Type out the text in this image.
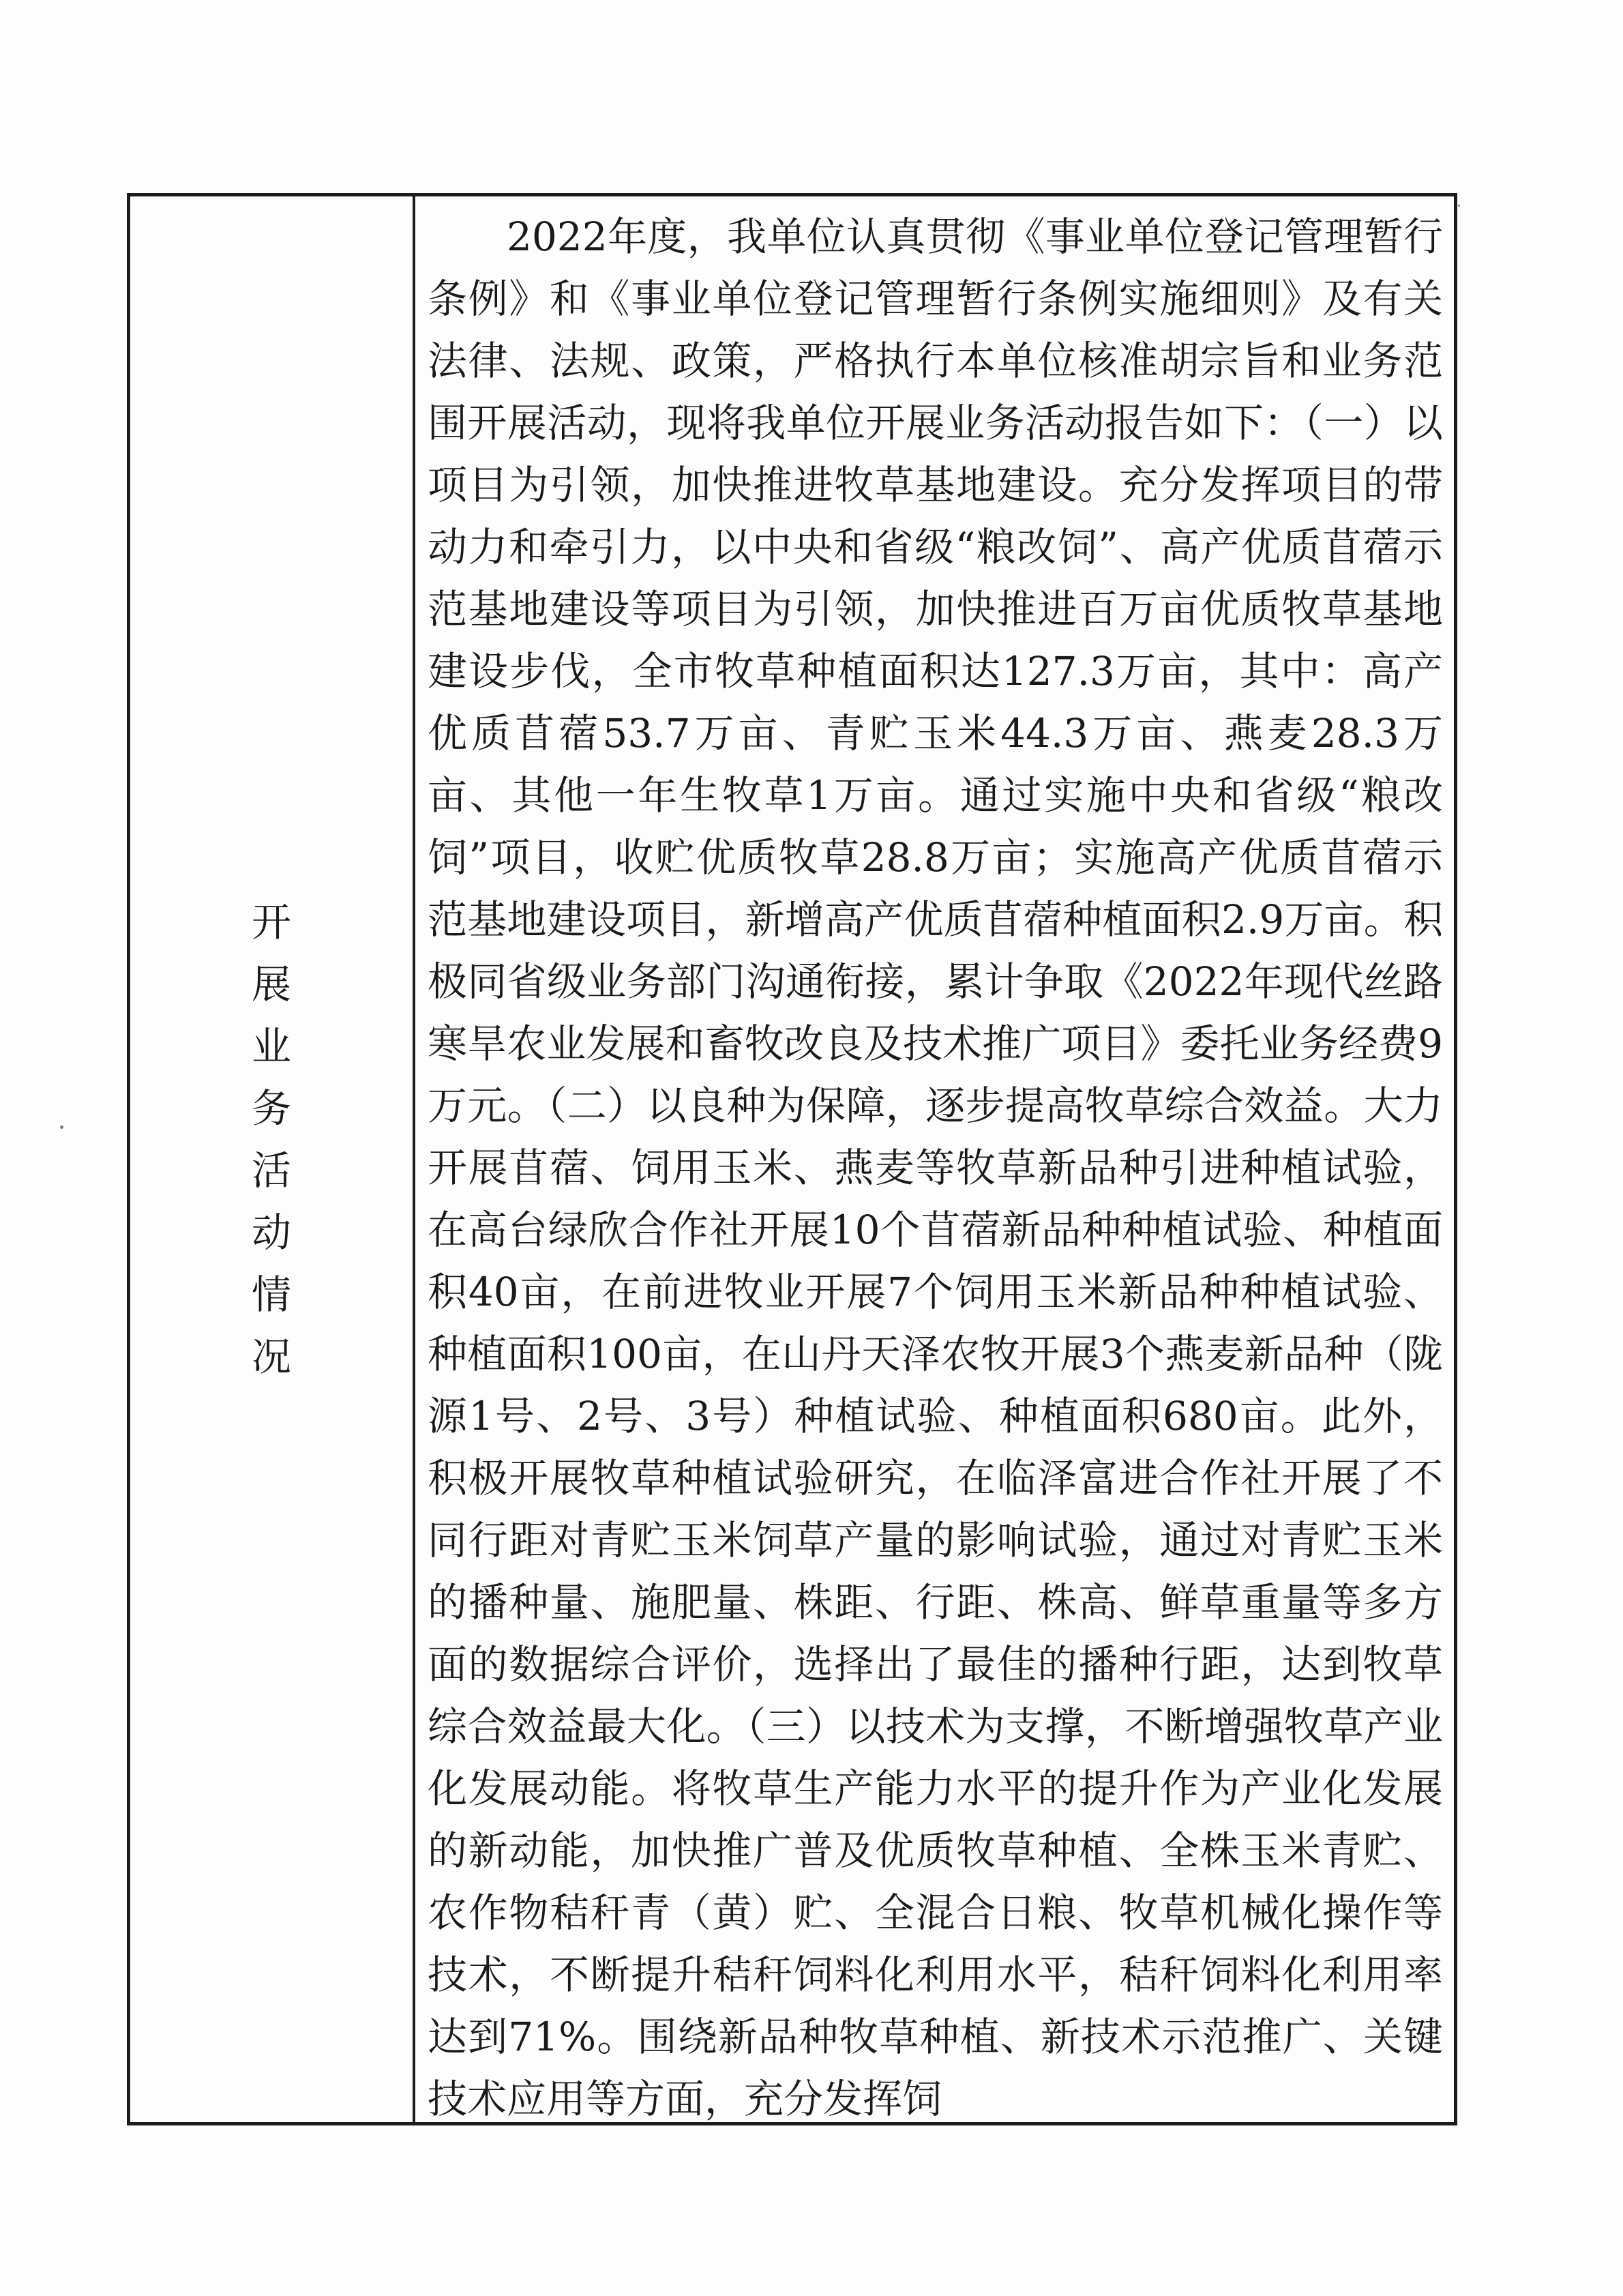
开展业务活动情况

2022年度，我单位认真贯彻《事业单位登记管理暂行条例》和《事业单位登记管理暂行条例实施细则》及有关法律、法规、政策，严格执行本单位核准胡宗旨和业务范围开展活动，现将我单位开展业务活动报告如下：（一）以项目为引领，加快推进牧草基地建设。充分发挥项目的带动力和牵引力，以中央和省级“粮改饲”、高产优质苜蓿示范基地建设等项目为引领，加快推进百万亩优质牧草基地建设步伐，全市牧草种植面积达127.3万亩，其中：高产优质苜蓿53.7万亩、青贮玉米44.3万亩、燕麦28.3万亩、其他一年生牧草1万亩。通过实施中央和省级“粮改饲”项目，收贮优质牧草28.8万亩；实施高产优质苜蓿示范基地建设项目，新增高产优质苜蓿种植面积2.9万亩。积极同省级业务部门沟通衔接，累计争取《2022年现代丝路寒旱农业发展和畜牧改良及技术推广项目》委托业务经费9万元。（二）以良种为保障，逐步提高牧草综合效益。大力开展苜蓿、饲用玉米、燕麦等牧草新品种引进种植试验，在高台绿欣合作社开展10个苜蓿新品种种植试验、种植面积40亩，在前进牧业开展7个饲用玉米新品种种植试验、种植面积100亩，在山丹天泽农牧开展3个燕麦新品种（陇源1号、2号、3号）种植试验、种植面积680亩。此外，积极开展牧草种植试验研究，在临泽富进合作社开展了不同行距对青贮玉米饲草产量的影响试验，通过对青贮玉米的播种量、施肥量、株距、行距、株高、鲜草重量等多方面的数据综合评价，选择出了最佳的播种行距，达到牧草综合效益最大化。（三）以技术为支撑，不断增强牧草产业化发展动能。将牧草生产能力水平的提升作为产业化发展的新动能，加快推广普及优质牧草种植、全株玉米青贮、农作物秸秆青（黄）贮、全混合日粮、牧草机械化操作等技术，不断提升秸秆饲料化利用水平，秸秆饲料化利用率达到71%。围绕新品种牧草种植、新技术示范推广、关键技术应用等方面，充分发挥饲
